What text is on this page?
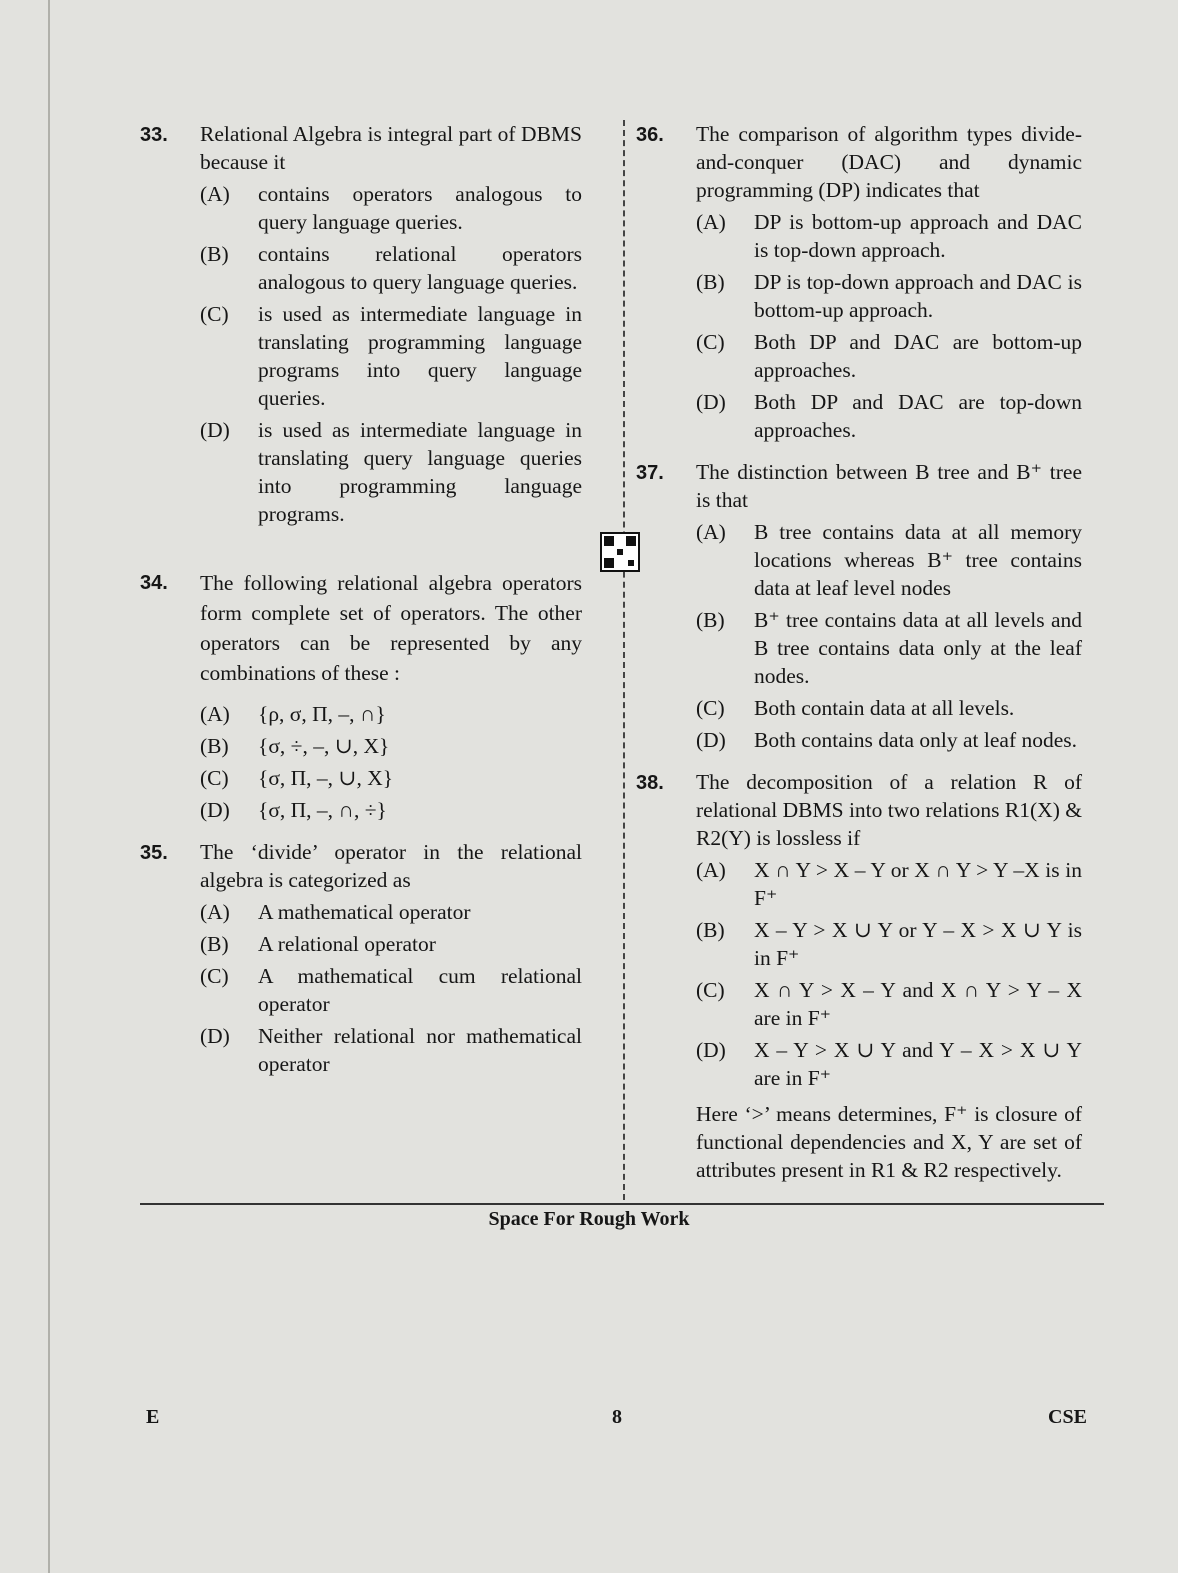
33.	Relational Algebra is integral part of DBMS because it
(A)	contains operators analogous to query language queries.
(B)	contains relational operators analogous to query language queries.
(C)	is used as intermediate language in translating programming language programs into query language queries.
(D)	is used as intermediate language in translating query language queries into programming language programs.
34.	The following relational algebra operators form complete set of operators. The other operators can be represented by any combinations of these :
(A)	{ρ, σ, Π, –, ∩}
(B)	{σ, ÷, –, ∪, X}
(C)	{σ, Π, –, ∪, X}
(D)	{σ, Π, –, ∩, ÷}
35.	The ‘divide’ operator in the relational algebra is categorized as
(A)	A mathematical operator
(B)	A relational operator
(C)	A mathematical cum relational operator
(D)	Neither relational nor mathematical operator
36.	The comparison of algorithm types divide-and-conquer (DAC) and dynamic programming (DP) indicates that
(A)	DP is bottom-up approach and DAC is top-down approach.
(B)	DP is top-down approach and DAC is bottom-up approach.
(C)	Both DP and DAC are bottom-up approaches.
(D)	Both DP and DAC are top-down approaches.
37.	The distinction between B tree and B⁺ tree is that
(A)	B tree contains data at all memory locations whereas B⁺ tree contains data at leaf level nodes
(B)	B⁺ tree contains data at all levels and B tree contains data only at the leaf nodes.
(C)	Both contain data at all levels.
(D)	Both contains data only at leaf nodes.
38.	The decomposition of a relation R of relational DBMS into two relations R1(X) & R2(Y) is lossless if
(A)	X ∩ Y > X – Y or X ∩ Y > Y –X is in F⁺
(B)	X – Y > X ∪ Y or Y – X > X ∪ Y is in F⁺
(C)	X ∩ Y > X – Y and X ∩ Y > Y – X are in F⁺
(D)	X – Y > X ∪ Y and Y – X > X ∪ Y are in F⁺
Here ‘>’ means determines, F⁺ is closure of functional dependencies and X, Y are set of attributes present in R1 & R2 respectively.
Space For Rough Work
E	8	CSE
